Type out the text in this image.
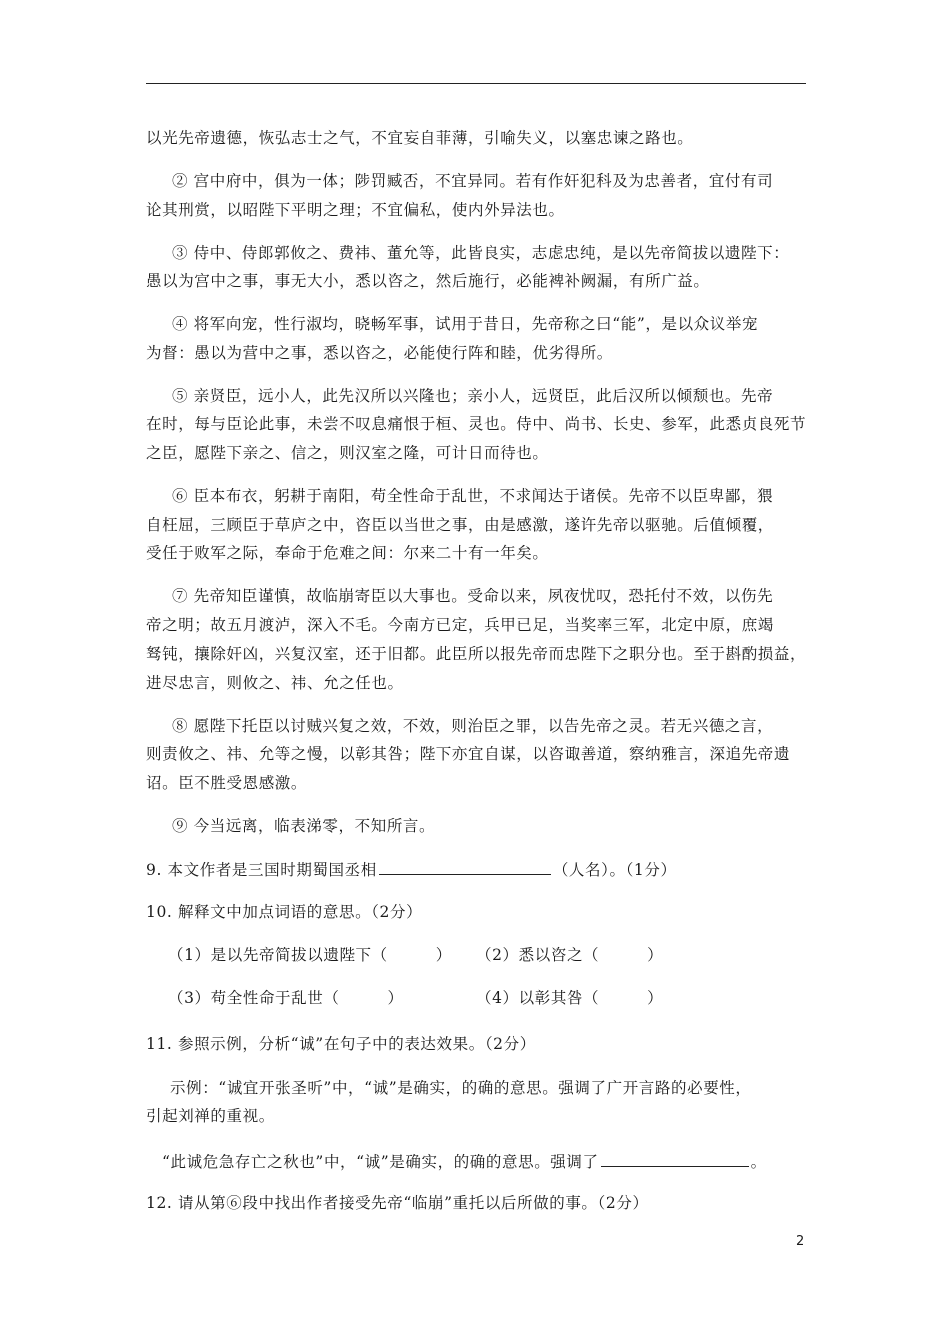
以光先帝遗德，恢弘志士之气，不宜妄自菲薄，引喻失义，以塞忠谏之路也。
② 宫中府中，俱为一体；陟罚臧否，不宜异同。若有作奸犯科及为忠善者，宜付有司
论其刑赏，以昭陛下平明之理；不宜偏私，使内外异法也。
③ 侍中、侍郎郭攸之、费祎、董允等，此皆良实，志虑忠纯，是以先帝简拔以遗陛下：
愚以为宫中之事，事无大小，悉以咨之，然后施行，必能裨补阙漏，有所广益。
④ 将军向宠，性行淑均，晓畅军事，试用于昔日，先帝称之曰“能”，是以众议举宠
为督：愚以为营中之事，悉以咨之，必能使行阵和睦，优劣得所。
⑤ 亲贤臣，远小人，此先汉所以兴隆也；亲小人，远贤臣，此后汉所以倾颓也。先帝
在时，每与臣论此事，未尝不叹息痛恨于桓、灵也。侍中、尚书、长史、参军，此悉贞良死节
之臣，愿陛下亲之、信之，则汉室之隆，可计日而待也。
⑥ 臣本布衣，躬耕于南阳，苟全性命于乱世，不求闻达于诸侯。先帝不以臣卑鄙，猥
自枉屈，三顾臣于草庐之中，咨臣以当世之事，由是感激，遂许先帝以驱驰。后值倾覆，
受任于败军之际，奉命于危难之间：尔来二十有一年矣。
⑦ 先帝知臣谨慎，故临崩寄臣以大事也。受命以来，夙夜忧叹，恐托付不效，以伤先
帝之明；故五月渡泸，深入不毛。今南方已定，兵甲已足，当奖率三军，北定中原，庶竭
驽钝，攘除奸凶，兴复汉室，还于旧都。此臣所以报先帝而忠陛下之职分也。至于斟酌损益，
进尽忠言，则攸之、祎、允之任也。
⑧ 愿陛下托臣以讨贼兴复之效，不效，则治臣之罪，以告先帝之灵。若无兴德之言，
则责攸之、祎、允等之慢，以彰其咎；陛下亦宜自谋，以咨诹善道，察纳雅言，深追先帝遗
诏。臣不胜受恩感激。
⑨ 今当远离，临表涕零，不知所言。
9. 本文作者是三国时期蜀国丞相	（人名）。（1分）
10. 解释文中加点词语的意思。（2分）
（1）是以先帝简拔以遗陛下（	） （2）悉以咨之（	）
（3）苟全性命于乱世（	）	（4）以彰其咎（	）
11. 参照示例，分析“诚”在句子中的表达效果。（2分）
示例：“诚宜开张圣听”中，“诚”是确实，的确的意思。强调了广开言路的必要性，
引起刘禅的重视。
“此诚危急存亡之秋也”中，“诚”是确实，的确的意思。强调了	。
12. 请从第⑥段中找出作者接受先帝“临崩”重托以后所做的事。（2分）
2
